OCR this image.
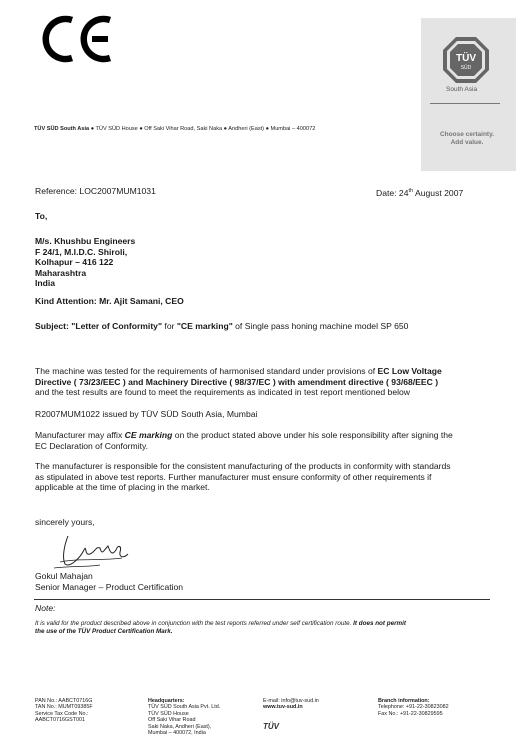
TÜV SÜD South Asia ● TÜV SÜD House ● Off Saki Vihar Road, Saki Naka ● Andheri (East) ● Mumbai – 400072
TÜV
SÜD
South Asia
Choose certainty.
Add value.
Reference: LOC2007MUM1031	Date: 24th August 2007
To,
M/s. Khushbu Engineers
F 24/1, M.I.D.C. Shiroli,
Kolhapur – 416 122
Maharashtra
India
Kind Attention: Mr. Ajit Samani, CEO
Subject: "Letter of Conformity" for "CE marking" of Single pass honing machine model SP 650
The machine was tested for the requirements of harmonised standard under provisions of EC Low Voltage
Directive ( 73/23/EEC ) and Machinery Directive ( 98/37/EC ) with amendment directive ( 93/68/EEC )
and the test results are found to meet the requirements as indicated in test report mentioned below
R2007MUM1022 issued by TÜV SÜD South Asia, Mumbai
Manufacturer may affix CE marking on the product stated above under his sole responsibility after signing the
EC Declaration of Conformity.
The manufacturer is responsible for the consistent manufacturing of the products in conformity with standards
as stipulated in above test reports. Further manufacturer must ensure conformity of other requirements if
applicable at the time of placing in the market.
sincerely yours,
Gokul Mahajan
Senior Manager – Product Certification
Note:
It is valid for the product described above in conjunction with the test reports referred under self certification route. It does not permit
the use of the TÜV Product Certification Mark.
PAN No.: AABCT0716G
TAN No.: MUMT09385F
Service Tax Code No.:
AABCT0716GST001
Headquarters:
TÜV SÜD South Asia Pvt. Ltd.
TÜV SÜD House
Off Saki Vihar Road
Saki Naka, Andheri (East),
Mumbai – 400072, India
E-mail: info@tuv-sud.in
www.tuv-sud.in
TÜV
Branch information:
Telephone: +91-22-30823082
Fax No.: +91-22-30829595
